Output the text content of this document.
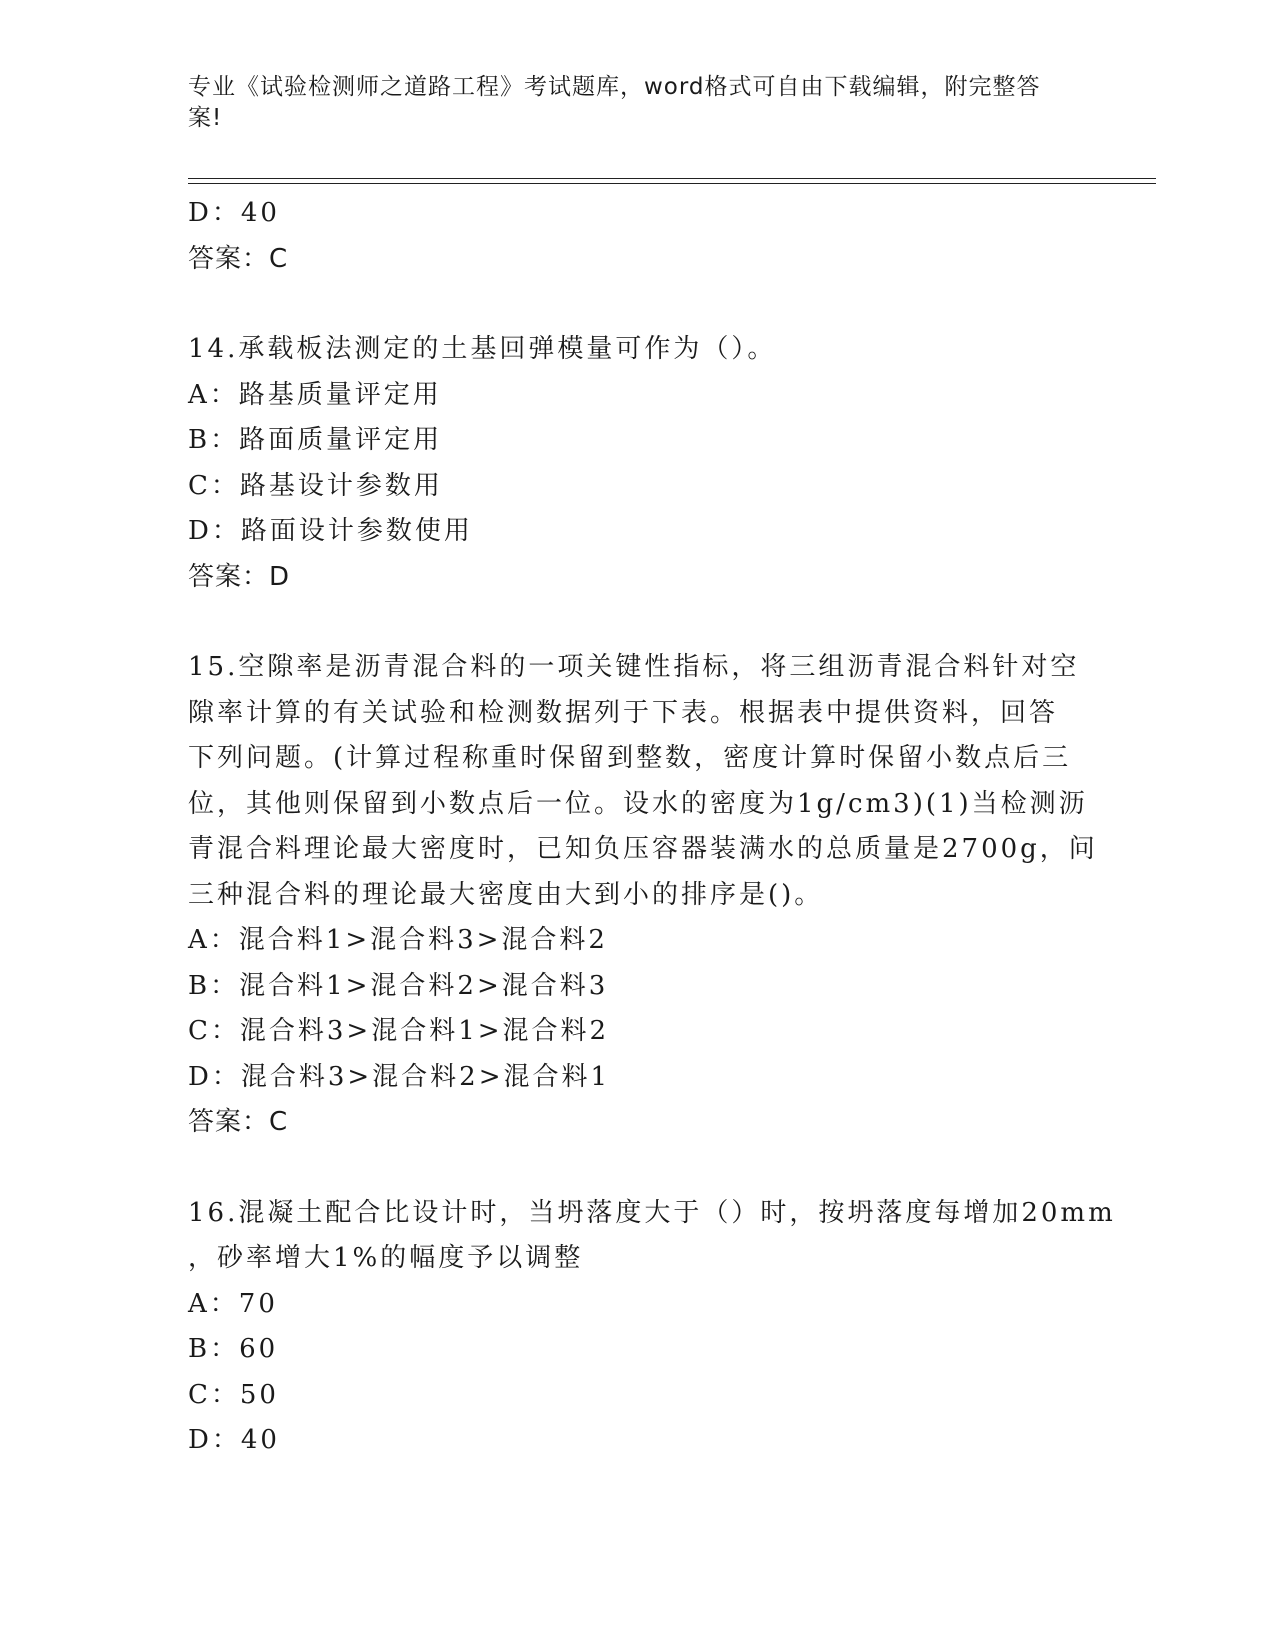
专业《试验检测师之道路工程》考试题库，word格式可自由下载编辑，附完整答
案!
D：40
答案：C
14.承载板法测定的土基回弹模量可作为（）。
A：路基质量评定用
B：路面质量评定用
C：路基设计参数用
D：路面设计参数使用
答案：D
15.空隙率是沥青混合料的一项关键性指标，将三组沥青混合料针对空
隙率计算的有关试验和检测数据列于下表。根据表中提供资料，回答
下列问题。(计算过程称重时保留到整数，密度计算时保留小数点后三
位，其他则保留到小数点后一位。设水的密度为1g/cm3)(1)当检测沥
青混合料理论最大密度时，已知负压容器装满水的总质量是2700g，问
三种混合料的理论最大密度由大到小的排序是()。
A：混合料1>混合料3>混合料2
B：混合料1>混合料2>混合料3
C：混合料3>混合料1>混合料2
D：混合料3>混合料2>混合料1
答案：C
16.混凝土配合比设计时，当坍落度大于（）时，按坍落度每增加20mm
，砂率增大1%的幅度予以调整
A：70
B：60
C：50
D：40
